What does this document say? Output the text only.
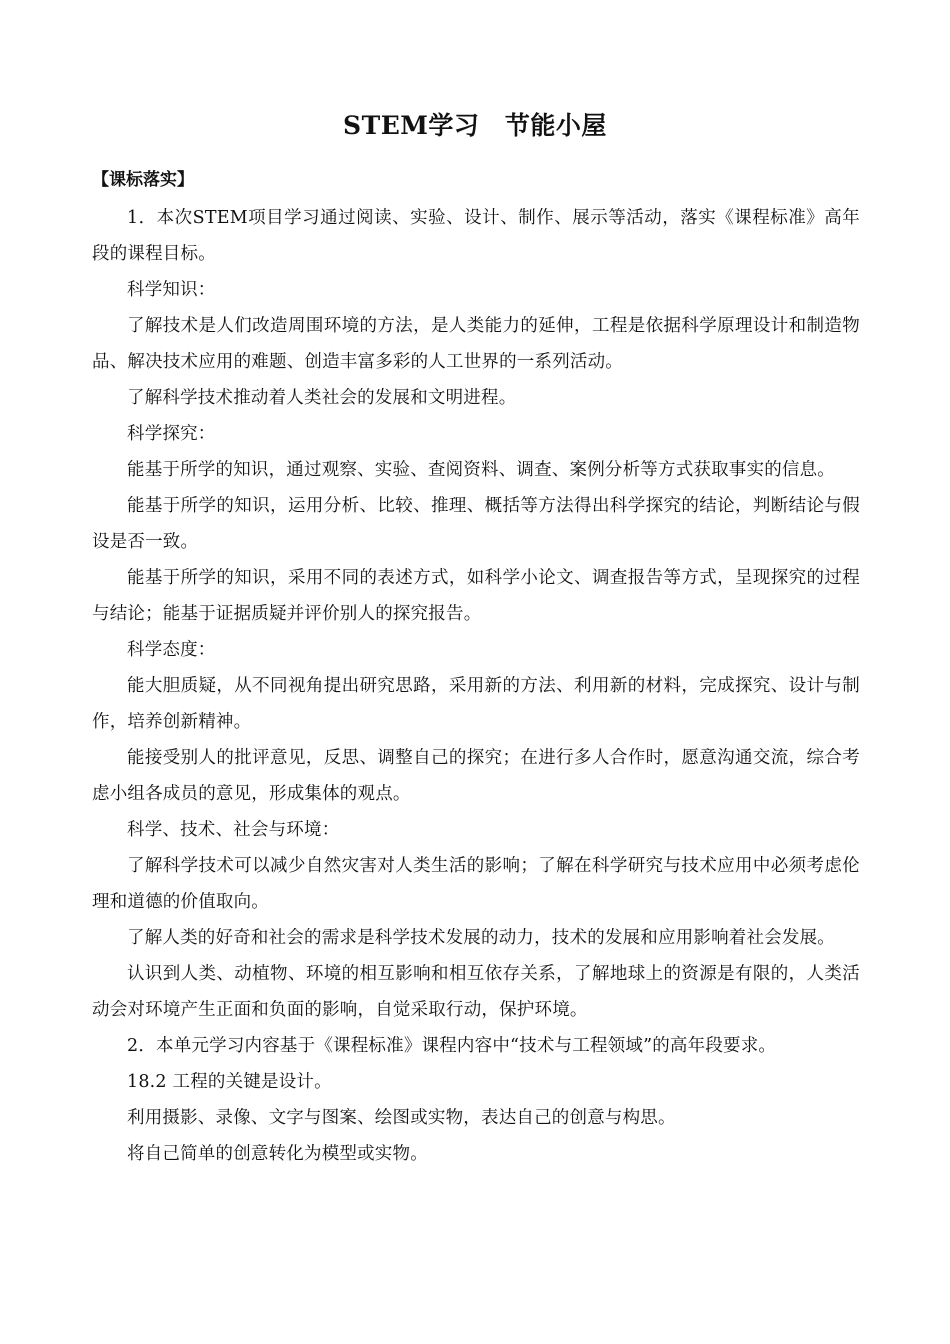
STEM学习　节能小屋
【课标落实】

1．本次STEM项目学习通过阅读、实验、设计、制作、展示等活动，落实《课程标准》高年段的课程目标。

科学知识：

了解技术是人们改造周围环境的方法，是人类能力的延伸，工程是依据科学原理设计和制造物品、解决技术应用的难题、创造丰富多彩的人工世界的一系列活动。

了解科学技术推动着人类社会的发展和文明进程。

科学探究：

能基于所学的知识，通过观察、实验、查阅资料、调查、案例分析等方式获取事实的信息。

能基于所学的知识，运用分析、比较、推理、概括等方法得出科学探究的结论，判断结论与假设是否一致。

能基于所学的知识，采用不同的表述方式，如科学小论文、调查报告等方式，呈现探究的过程与结论；能基于证据质疑并评价别人的探究报告。

科学态度：

能大胆质疑，从不同视角提出研究思路，采用新的方法、利用新的材料，完成探究、设计与制作，培养创新精神。

能接受别人的批评意见，反思、调整自己的探究；在进行多人合作时，愿意沟通交流，综合考虑小组各成员的意见，形成集体的观点。

科学、技术、社会与环境：

了解科学技术可以减少自然灾害对人类生活的影响；了解在科学研究与技术应用中必须考虑伦理和道德的价值取向。

了解人类的好奇和社会的需求是科学技术发展的动力，技术的发展和应用影响着社会发展。

认识到人类、动植物、环境的相互影响和相互依存关系，了解地球上的资源是有限的，人类活动会对环境产生正面和负面的影响，自觉采取行动，保护环境。

2．本单元学习内容基于《课程标准》课程内容中“技术与工程领域”的高年段要求。

18.2 工程的关键是设计。

利用摄影、录像、文字与图案、绘图或实物，表达自己的创意与构思。

将自己简单的创意转化为模型或实物。
